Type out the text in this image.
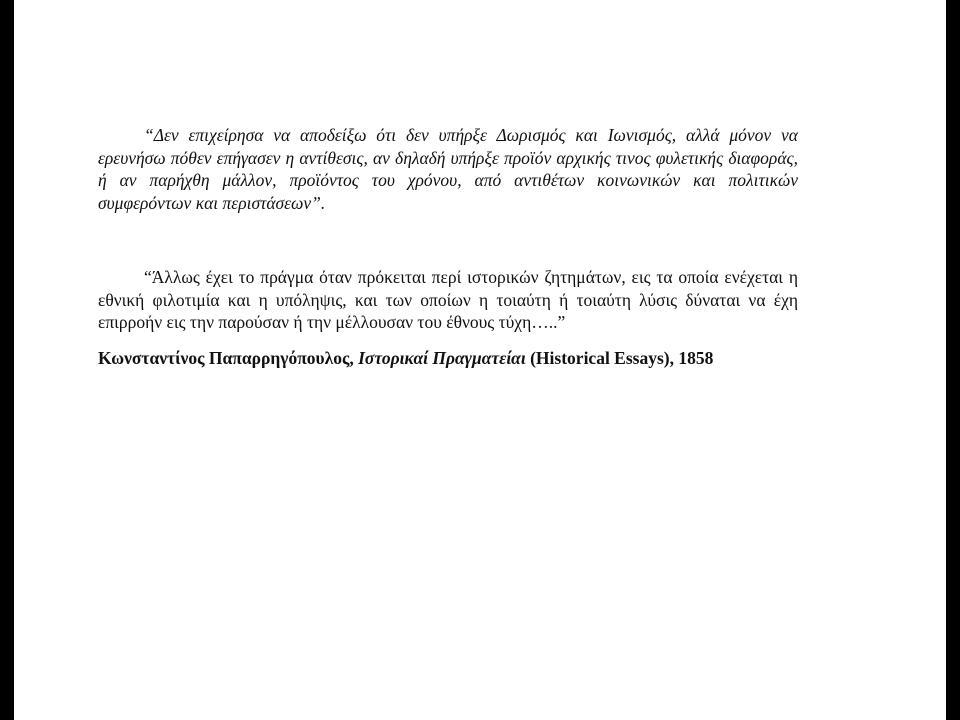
“Δεν επιχείρησα να αποδείξω ότι δεν υπήρξε Δωρισμός και Ιωνισμός, αλλά μόνον να ερευνήσω πόθεν επήγασεν η αντίθεσις, αν δηλαδή υπήρξε προϊόν αρχικής τινος φυλετικής διαφοράς, ή αν παρήχθη μάλλον, προϊόντος του χρόνου, από αντιθέτων κοινωνικών και πολιτικών συμφερόντων και περιστάσεων”.

“Άλλως έχει το πράγμα όταν πρόκειται περί ιστορικών ζητημάτων, εις τα οποία ενέχεται η εθνική φιλοτιμία και η υπόληψις, και των οποίων η τοιαύτη ή τοιαύτη λύσις δύναται να έχη επιρροήν εις την παρούσαν ή την μέλλουσαν του έθνους τύχη…..”

Κωνσταντίνος Παπαρρηγόπουλος, Ιστορικαί Πραγματείαι (Historical Essays), 1858
